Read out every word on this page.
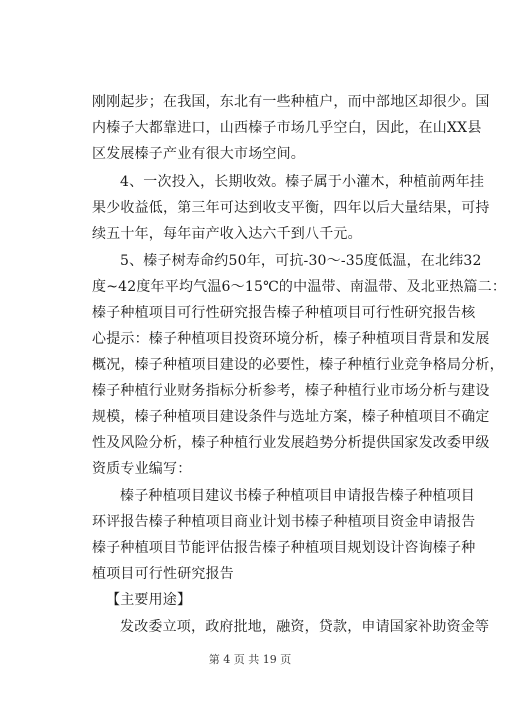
刚刚起步；在我国，东北有一些种植户，而中部地区却很少。国
内榛子大都靠进口，山西榛子市场几乎空白，因此，在山XX县
区发展榛子产业有很大市场空间。
4、一次投入，长期收效。榛子属于小灌木，种植前两年挂
果少收益低，第三年可达到收支平衡，四年以后大量结果，可持
续五十年，每年亩产收入达六千到八千元。
5、榛子树寿命约50年，可抗-30～-35度低温，在北纬32
度~42度年平均气温6～15℃的中温带、南温带、及北亚热篇二：
榛子种植项目可行性研究报告榛子种植项目可行性研究报告核
心提示：榛子种植项目投资环境分析，榛子种植项目背景和发展
概况，榛子种植项目建设的必要性，榛子种植行业竞争格局分析，
榛子种植行业财务指标分析参考，榛子种植行业市场分析与建设
规模，榛子种植项目建设条件与选址方案，榛子种植项目不确定
性及风险分析，榛子种植行业发展趋势分析提供国家发改委甲级
资质专业编写：
榛子种植项目建议书榛子种植项目申请报告榛子种植项目
环评报告榛子种植项目商业计划书榛子种植项目资金申请报告
榛子种植项目节能评估报告榛子种植项目规划设计咨询榛子种
植项目可行性研究报告
【主要用途】
发改委立项，政府批地，融资，贷款，申请国家补助资金等
第 4 页 共 19 页
